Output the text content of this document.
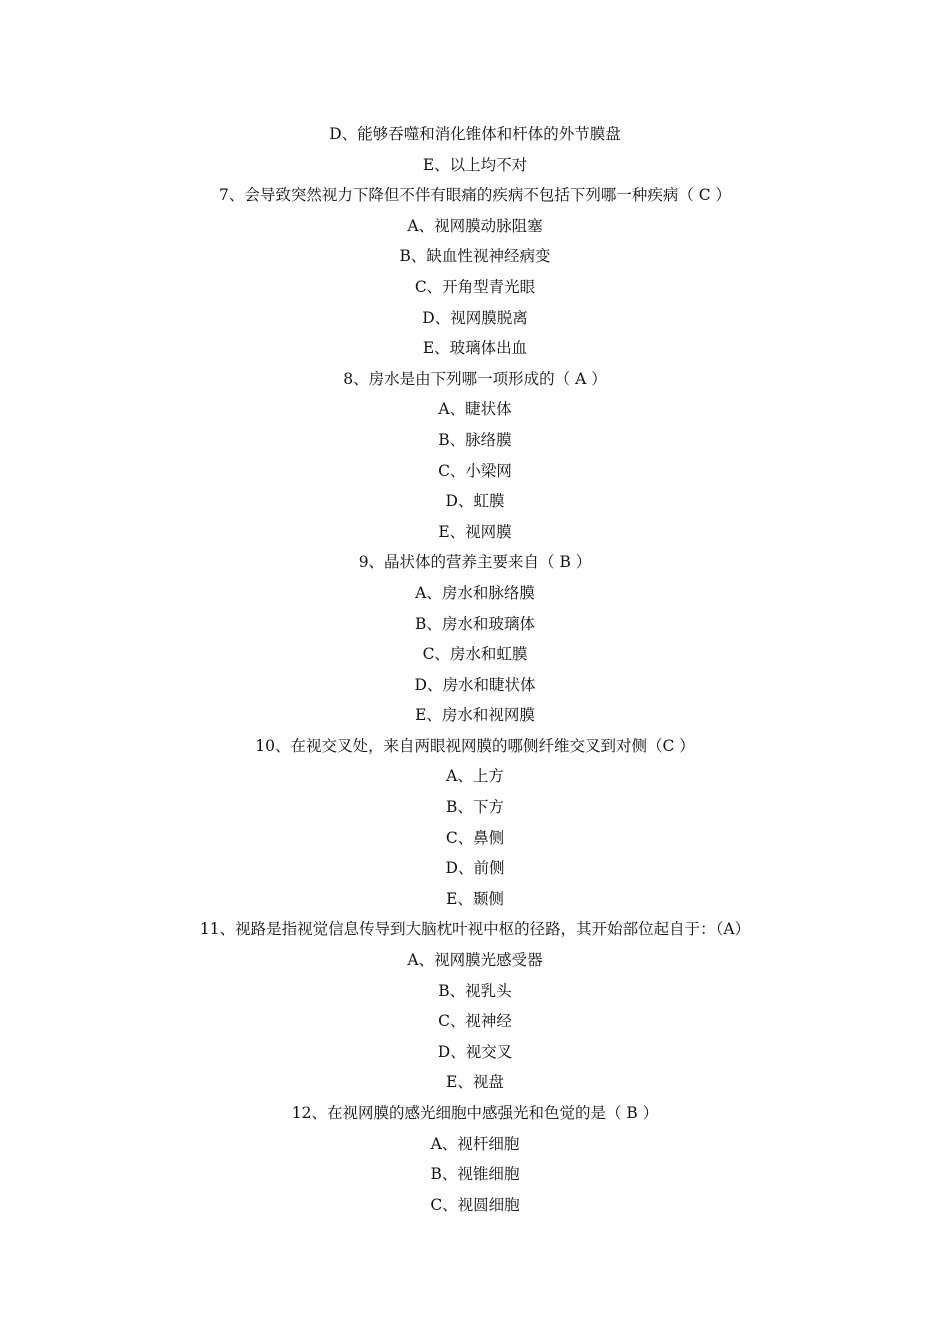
D、能够吞噬和消化锥体和杆体的外节膜盘
E、以上均不对
7、会导致突然视力下降但不伴有眼痛的疾病不包括下列哪一种疾病（ C ）
A、视网膜动脉阻塞
B、缺血性视神经病变
C、开角型青光眼
D、视网膜脱离
E、玻璃体出血
8、房水是由下列哪一项形成的（ A ）
A、睫状体
B、脉络膜
C、小梁网
D、虹膜
E、视网膜
9、晶状体的营养主要来自（ B ）
A、房水和脉络膜
B、房水和玻璃体
C、房水和虹膜
D、房水和睫状体
E、房水和视网膜
10、在视交叉处，来自两眼视网膜的哪侧纤维交叉到对侧（C ）
A、上方
B、下方
C、鼻侧
D、前侧
E、颞侧
11、视路是指视觉信息传导到大脑枕叶视中枢的径路，其开始部位起自于：（A）
A、视网膜光感受器
B、视乳头
C、视神经
D、视交叉
E、视盘
12、在视网膜的感光细胞中感强光和色觉的是（ B ）
A、视杆细胞
B、视锥细胞
C、视圆细胞
